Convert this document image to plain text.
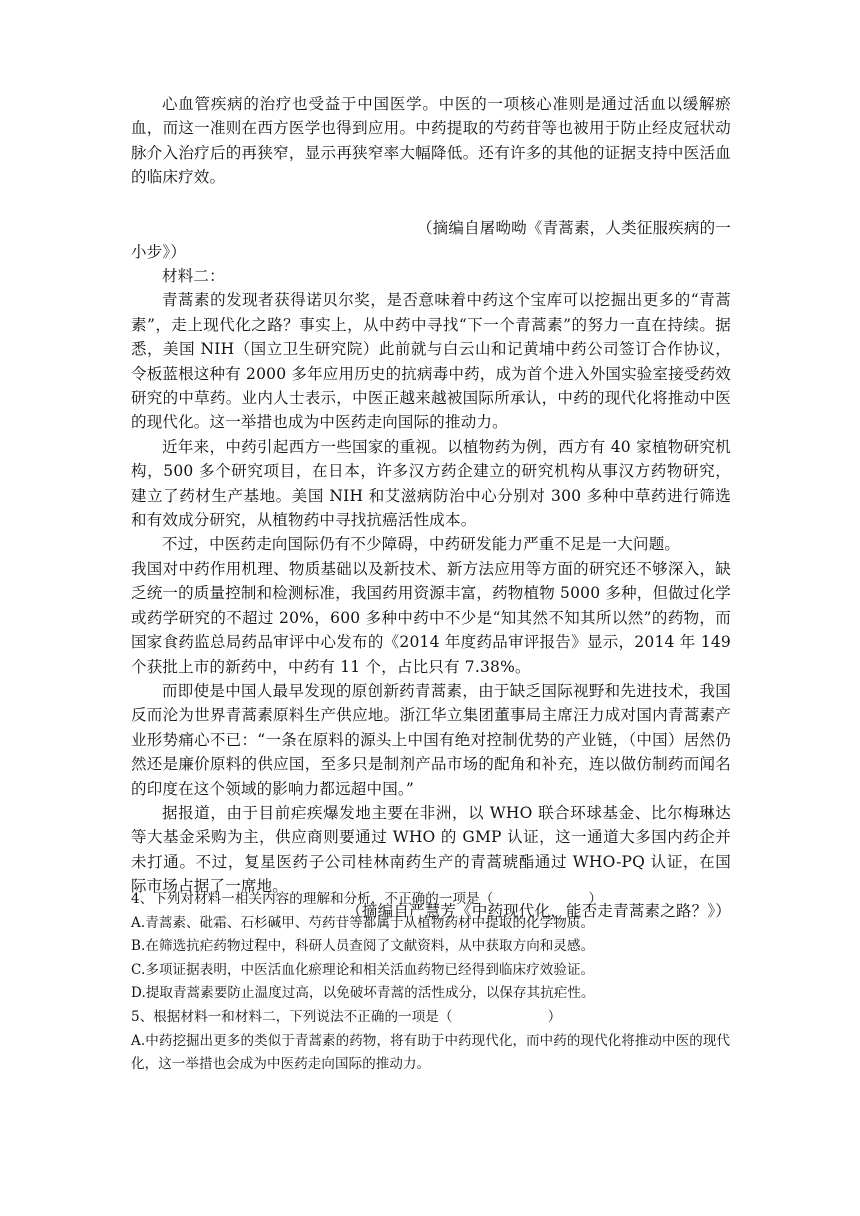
心血管疾病的治疗也受益于中国医学。中医的一项核心准则是通过活血以缓解瘀血，而这一准则在西方医学也得到应用。中药提取的芍药苷等也被用于防止经皮冠状动脉介入治疗后的再狭窄，显示再狭窄率大幅降低。还有许多的其他的证据支持中医活血的临床疗效。

（摘编自屠呦呦《青蒿素，人类征服疾病的一

小步》）

材料二：

青蒿素的发现者获得诺贝尔奖，是否意味着中药这个宝库可以挖掘出更多的“青蒿素”，走上现代化之路？事实上，从中药中寻找“下一个青蒿素”的努力一直在持续。据悉，美国 NIH（国立卫生研究院）此前就与白云山和记黄埔中药公司签订合作协议，令板蓝根这种有 2000 多年应用历史的抗病毒中药，成为首个进入外国实验室接受药效研究的中草药。业内人士表示，中医正越来越被国际所承认，中药的现代化将推动中医的现代化。这一举措也成为中医药走向国际的推动力。

近年来，中药引起西方一些国家的重视。以植物药为例，西方有 40 家植物研究机构，500 多个研究项目，在日本，许多汉方药企建立的研究机构从事汉方药物研究，建立了药材生产基地。美国 NIH 和艾滋病防治中心分别对 300 多种中草药进行筛选和有效成分研究，从植物药中寻找抗癌活性成本。

不过，中医药走向国际仍有不少障碍，中药研发能力严重不足是一大问题。

我国对中药作用机理、物质基础以及新技术、新方法应用等方面的研究还不够深入，缺乏统一的质量控制和检测标准，我国药用资源丰富，药物植物 5000 多种，但做过化学或药学研究的不超过 20%，600 多种中药中不少是“知其然不知其所以然”的药物，而国家食药监总局药品审评中心发布的《2014 年度药品审评报告》显示，2014 年 149 个获批上市的新药中，中药有 11 个，占比只有 7.38%。

而即使是中国人最早发现的原创新药青蒿素，由于缺乏国际视野和先进技术，我国反而沦为世界青蒿素原料生产供应地。浙江华立集团董事局主席汪力成对国内青蒿素产业形势痛心不已：“一条在原料的源头上中国有绝对控制优势的产业链，（中国）居然仍然还是廉价原料的供应国，至多只是制剂产品市场的配角和补充，连以做仿制药而闻名的印度在这个领域的影响力都远超中国。”

据报道，由于目前疟疾爆发地主要在非洲，以 WHO 联合环球基金、比尔梅琳达等大基金采购为主，供应商则要通过 WHO 的 GMP 认证，这一通道大多国内药企并未打通。不过，复星医药子公司桂林南药生产的青蒿琥酯通过 WHO-PQ 认证，在国际市场占据了一席地。

（摘编自严慧芳《中药现代化，能否走青蒿素之路？》）

4、下列对材料一相关内容的理解和分析，不正确的一项是（　　　　　　　）

A.青蒿素、砒霜、石杉碱甲、芍药苷等都属于从植物药材中提取的化学物质。

B.在筛选抗疟药物过程中，科研人员查阅了文献资料，从中获取方向和灵感。

C.多项证据表明，中医活血化瘀理论和相关活血药物已经得到临床疗效验证。

D.提取青蒿素要防止温度过高，以免破坏青蒿的活性成分，以保存其抗疟性。

5、根据材料一和材料二，下列说法不正确的一项是（　　　　　　　）

A.中药挖掘出更多的类似于青蒿素的药物，将有助于中药现代化，而中药的现代化将推动中医的现代化，这一举措也会成为中医药走向国际的推动力。
